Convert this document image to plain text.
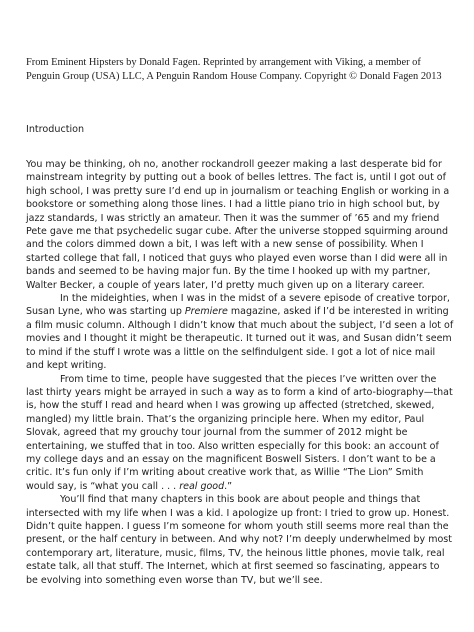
From Eminent Hipsters by Donald Fagen. Reprinted by arrangement with Viking, a member of Penguin Group (USA) LLC, A Penguin Random House Company. Copyright © Donald Fagen 2013

Introduction

You may be thinking, oh no, another rockandroll geezer making a last desperate bid for mainstream integrity by putting out a book of belles lettres. The fact is, until I got out of high school, I was pretty sure I’d end up in journalism or teaching English or working in a bookstore or something along those lines. I had a little piano trio in high school but, by jazz standards, I was strictly an amateur. Then it was the summer of ’65 and my friend Pete gave me that psychedelic sugar cube. After the universe stopped squirming around and the colors dimmed down a bit, I was left with a new sense of possibility. When I started college that fall, I noticed that guys who played even worse than I did were all in bands and seemed to be having major fun. By the time I hooked up with my partner, Walter Becker, a couple of years later, I’d pretty much given up on a literary career.

In the mideighties, when I was in the midst of a severe episode of creative torpor, Susan Lyne, who was starting up Premiere magazine, asked if I’d be interested in writing a film music column. Although I didn’t know that much about the subject, I’d seen a lot of movies and I thought it might be therapeutic. It turned out it was, and Susan didn’t seem to mind if the stuff I wrote was a little on the selfindulgent side. I got a lot of nice mail and kept writing.

From time to time, people have suggested that the pieces I’ve written over the last thirty years might be arrayed in such a way as to form a kind of arto-biography—that is, how the stuff I read and heard when I was growing up affected (stretched, skewed, mangled) my little brain. That’s the organizing principle here. When my editor, Paul Slovak, agreed that my grouchy tour journal from the summer of 2012 might be entertaining, we stuffed that in too. Also written especially for this book: an account of my college days and an essay on the magnificent Boswell Sisters. I don’t want to be a critic. It’s fun only if I’m writing about creative work that, as Willie “The Lion” Smith would say, is “what you call . . . real good.”

You’ll find that many chapters in this book are about people and things that intersected with my life when I was a kid. I apologize up front: I tried to grow up. Honest. Didn’t quite happen. I guess I’m someone for whom youth still seems more real than the present, or the half century in between. And why not? I’m deeply underwhelmed by most contemporary art, literature, music, films, TV, the heinous little phones, movie talk, real estate talk, all that stuff. The Internet, which at first seemed so fascinating, appears to be evolving into something even worse than TV, but we’ll see.
